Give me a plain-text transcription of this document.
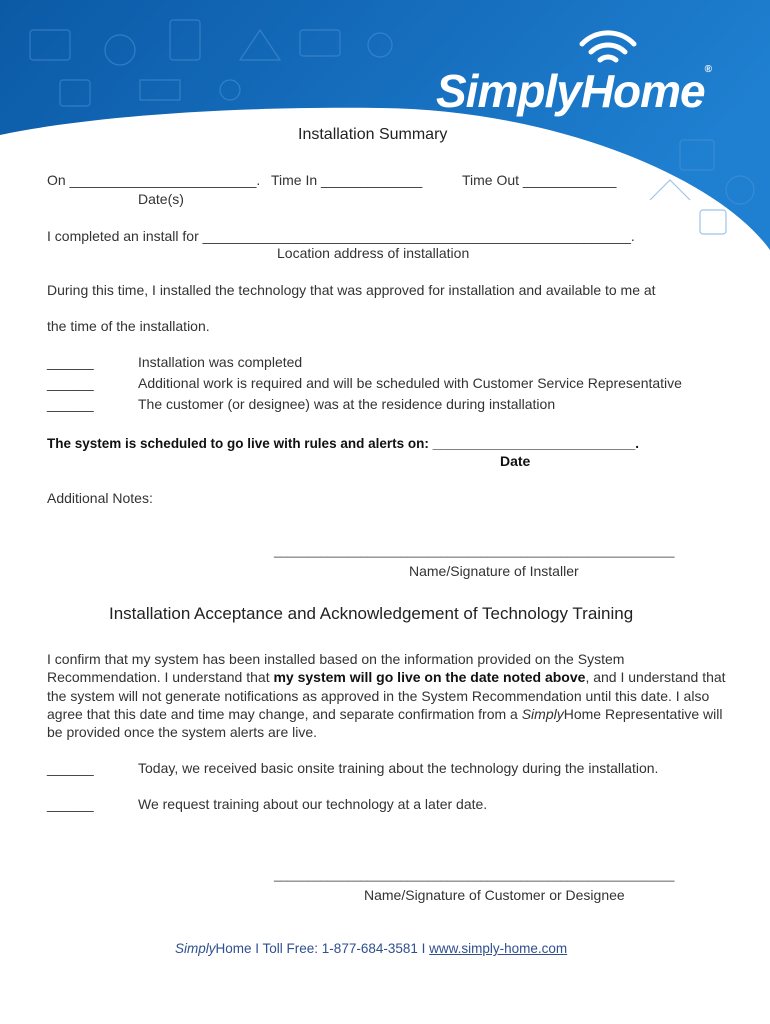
SimplyHome®
Installation Summary
On ________________________. Time In _____________	Time Out ____________
Date(s)
I completed an install for _______________________________________________________.
Location address of installation
During this time, I installed the technology that was approved for installation and available to me at
the time of the installation.
______	Installation was completed
______	Additional work is required and will be scheduled with Customer Service Representative
______	The customer (or designee) was at the residence during installation
The system is scheduled to go live with rules and alerts on: ___________________________.
Date
Additional Notes:
____________________________________________________________
Name/Signature of Installer
Installation Acceptance and Acknowledgement of Technology Training
I confirm that my system has been installed based on the information provided on the System Recommendation. I understand that my system will go live on the date noted above, and I understand that the system will not generate notifications as approved in the System Recommendation until this date. I also agree that this date and time may change, and separate confirmation from a SimplyHome Representative will be provided once the system alerts are live.
______	Today, we received basic onsite training about the technology during the installation.
______	We request training about our technology at a later date.
____________________________________________________________
Name/Signature of Customer or Designee
SimplyHome I Toll Free: 1-877-684-3581 I www.simply-home.com
